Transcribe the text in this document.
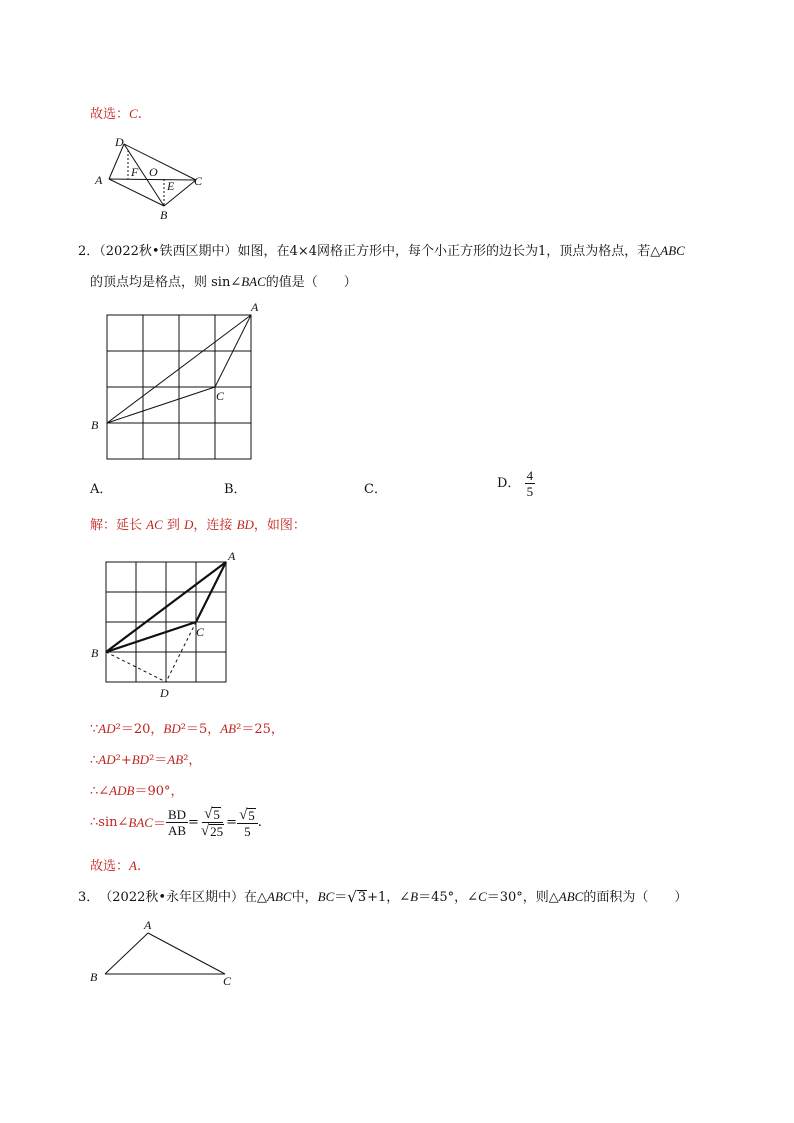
故选：C.
D
A
F O
E C
B
2．（2022秋•铁西区期中）如图，在4×4网格正方形中，每个小正方形的边长为1，顶点为格点，若△ABC
的顶点均是格点，则 sin∠BAC的值是（　　）
A
B
C
A．	B．	C．	D． $\frac{4}{5}$
解：延长 AC 到 D，连接 BD，如图：
A
B
C
D
∵AD²＝20，BD²＝5，AB²＝25，
∴AD²+BD²＝AB²，
∴∠ADB＝90°，
∴sin∠ BAC ＝ $\frac{BD}{AB} = \frac{√ 5}{√ 25} = \frac{√ 5}{5}$ .
故选：A.
3． （2022秋•永年区期中） 在△ ABC 中， BC ＝ √ 3 +1，∠ B ＝45°，∠ C ＝30°，则△ ABC 的面积为（　　）
A
B	C
